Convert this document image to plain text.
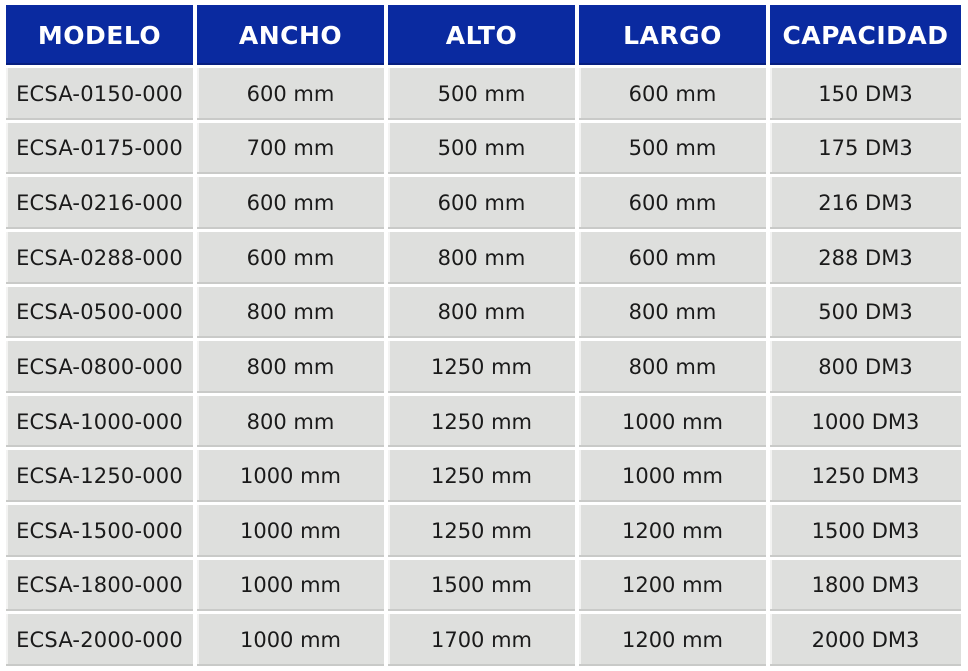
MODELO	ANCHO	ALTO	LARGO	CAPACIDAD
ECSA-0150-000	600 mm	500 mm	600 mm	150 DM3
ECSA-0175-000	700 mm	500 mm	500 mm	175 DM3
ECSA-0216-000	600 mm	600 mm	600 mm	216 DM3
ECSA-0288-000	600 mm	800 mm	600 mm	288 DM3
ECSA-0500-000	800 mm	800 mm	800 mm	500 DM3
ECSA-0800-000	800 mm	1250 mm	800 mm	800 DM3
ECSA-1000-000	800 mm	1250 mm	1000 mm	1000 DM3
ECSA-1250-000	1000 mm	1250 mm	1000 mm	1250 DM3
ECSA-1500-000	1000 mm	1250 mm	1200 mm	1500 DM3
ECSA-1800-000	1000 mm	1500 mm	1200 mm	1800 DM3
ECSA-2000-000	1000 mm	1700 mm	1200 mm	2000 DM3
